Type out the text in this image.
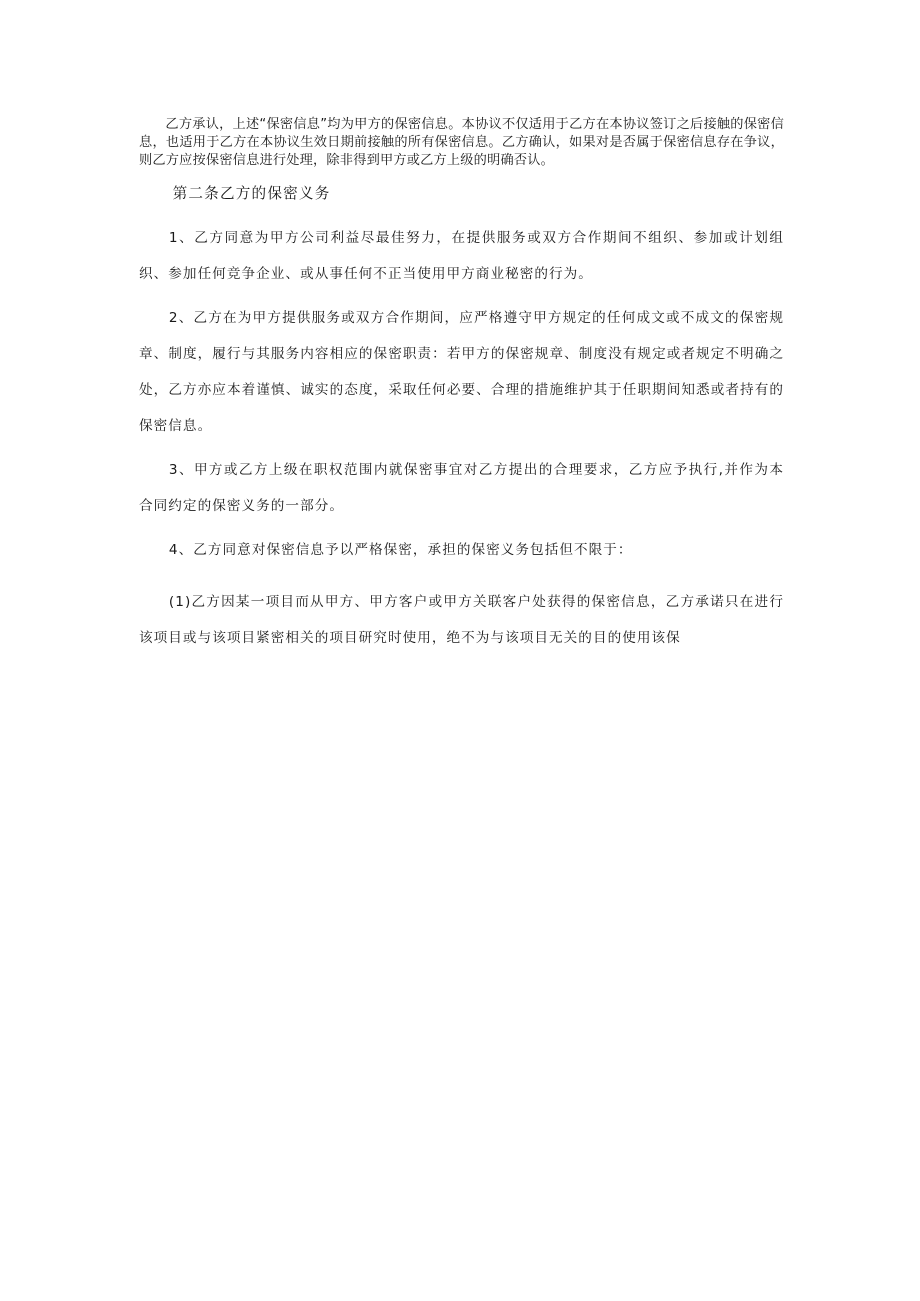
乙方承认，上述“保密信息”均为甲方的保密信息。本协议不仅适用于乙方在本协议签订之后接触的保密信息，也适用于乙方在本协议生效日期前接触的所有保密信息。乙方确认，如果对是否属于保密信息存在争议，则乙方应按保密信息进行处理，除非得到甲方或乙方上级的明确否认。

第二条乙方的保密义务

1、乙方同意为甲方公司利益尽最佳努力，在提供服务或双方合作期间不组织、参加或计划组织、参加任何竞争企业、或从事任何不正当使用甲方商业秘密的行为。

2、乙方在为甲方提供服务或双方合作期间，应严格遵守甲方规定的任何成文或不成文的保密规章、制度，履行与其服务内容相应的保密职责：若甲方的保密规章、制度没有规定或者规定不明确之处，乙方亦应本着谨慎、诚实的态度，采取任何必要、合理的措施维护其于任职期间知悉或者持有的保密信息。

3、甲方或乙方上级在职权范围内就保密事宜对乙方提出的合理要求，乙方应予执行,并作为本合同约定的保密义务的一部分。

4、乙方同意对保密信息予以严格保密，承担的保密义务包括但不限于：

(1)乙方因某一项目而从甲方、甲方客户或甲方关联客户处获得的保密信息，乙方承诺只在进行该项目或与该项目紧密相关的项目研究时使用，绝不为与该项目无关的目的使用该保
